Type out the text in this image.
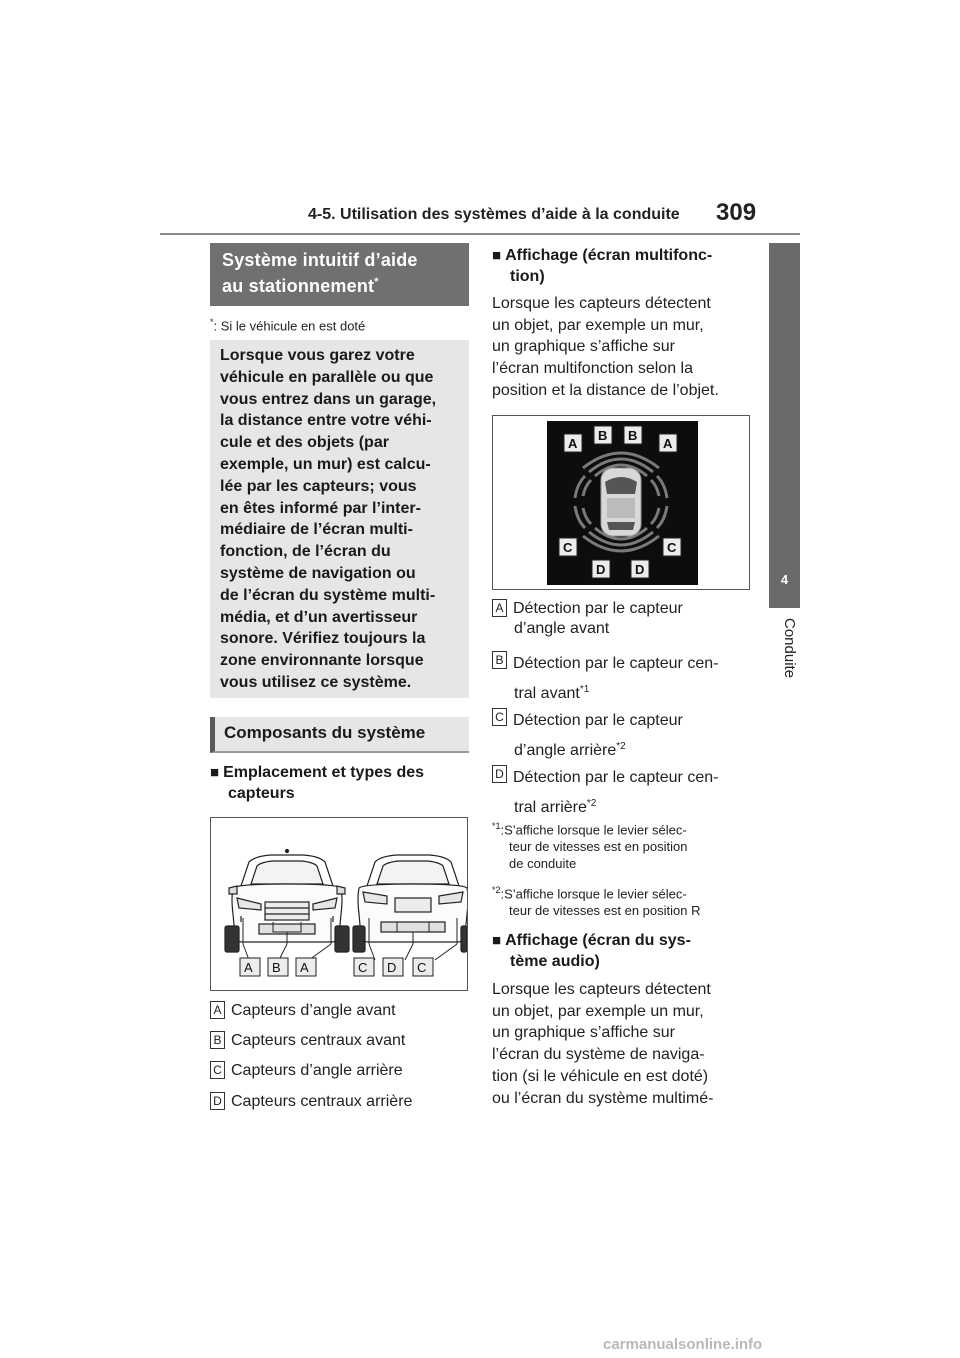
4-5. Utilisation des systèmes d’aide à la conduite 309
4
Conduite
Système intuitif d’aide
au stationnement*
*: Si le véhicule en est doté
Lorsque vous garez votre
véhicule en parallèle ou que
vous entrez dans un garage,
la distance entre votre véhi-
cule et des objets (par
exemple, un mur) est calcu-
lée par les capteurs; vous
en êtes informé par l’inter-
médiaire de l’écran multi-
fonction, de l’écran du
système de navigation ou
de l’écran du système multi-
média, et d’un avertisseur
sonore. Vérifiez toujours la
zone environnante lorsque
vous utilisez ce système.
Composants du système
■ Emplacement et types des
capteurs
A B A	C D C
A Capteurs d’angle avant
B Capteurs centraux avant
C Capteurs d’angle arrière
D Capteurs centraux arrière
■ Affichage (écran multifonc-
tion)
Lorsque les capteurs détectent
un objet, par exemple un mur,
un graphique s’affiche sur
l’écran multifonction selon la
position et la distance de l’objet.
A
B B
A
C	C
D D
A Détection par le capteur
d’angle avant
B Détection par le capteur cen-
tral avant$^{*1}$
C Détection par le capteur
d’angle arrière$^{*2}$
D Détection par le capteur cen-
tral arrière$^{*2}$
$^{*1}$:S’affiche lorsque le levier sélec-
teur de vitesses est en position
de conduite
$^{*2}$:S’affiche lorsque le levier sélec-
teur de vitesses est en position R
■ Affichage (écran du sys-
tème audio)
Lorsque les capteurs détectent
un objet, par exemple un mur,
un graphique s’affiche sur
l’écran du système de naviga-
tion (si le véhicule en est doté)
ou l’écran du système multimé-
carmanualsonline.info
